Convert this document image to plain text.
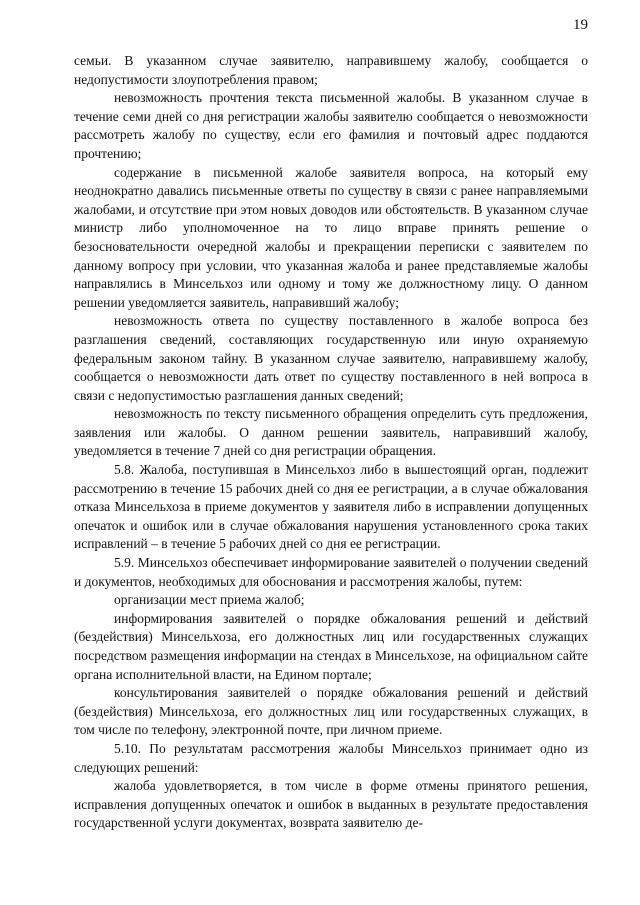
19

семьи. В указанном случае заявителю, направившему жалобу, сообщается о недопустимости злоупотребления правом;

невозможность прочтения текста письменной жалобы. В указанном случае в течение семи дней со дня регистрации жалобы заявителю сообщается о невозможности рассмотреть жалобу по существу, если его фамилия и почтовый адрес поддаются прочтению;

содержание в письменной жалобе заявителя вопроса, на который ему неоднократно давались письменные ответы по существу в связи с ранее направляемыми жалобами, и отсутствие при этом новых доводов или обстоятельств. В указанном случае министр либо уполномоченное на то лицо вправе принять решение о безосновательности очередной жалобы и прекращении переписки с заявителем по данному вопросу при условии, что указанная жалоба и ранее представляемые жалобы направлялись в Минсельхоз или одному и тому же должностному лицу. О данном решении уведомляется заявитель, направивший жалобу;

невозможность ответа по существу поставленного в жалобе вопроса без разглашения сведений, составляющих государственную или иную охраняемую федеральным законом тайну. В указанном случае заявителю, направившему жалобу, сообщается о невозможности дать ответ по существу поставленного в ней вопроса в связи с недопустимостью разглашения данных сведений;

невозможность по тексту письменного обращения определить суть предложения, заявления или жалобы. О данном решении заявитель, направивший жалобу, уведомляется в течение 7 дней со дня регистрации обращения.

5.8. Жалоба, поступившая в Минсельхоз либо в вышестоящий орган, подлежит рассмотрению в течение 15 рабочих дней со дня ее регистрации, а в случае обжалования отказа Минсельхоза в приеме документов у заявителя либо в исправлении допущенных опечаток и ошибок или в случае обжалования нарушения установленного срока таких исправлений – в течение 5 рабочих дней со дня ее регистрации.

5.9. Минсельхоз обеспечивает информирование заявителей о получении сведений и документов, необходимых для обоснования и рассмотрения жалобы, путем:

организации мест приема жалоб;

информирования заявителей о порядке обжалования решений и действий (бездействия) Минсельхоза, его должностных лиц или государственных служащих посредством размещения информации на стендах в Минсельхозе, на официальном сайте органа исполнительной власти, на Едином портале;

консультирования заявителей о порядке обжалования решений и действий (бездействия) Минсельхоза, его должностных лиц или государственных служащих, в том числе по телефону, электронной почте, при личном приеме.

5.10. По результатам рассмотрения жалобы Минсельхоз принимает одно из следующих решений:

жалоба удовлетворяется, в том числе в форме отмены принятого решения, исправления допущенных опечаток и ошибок в выданных в результате предоставления государственной услуги документах, возврата заявителю де-
